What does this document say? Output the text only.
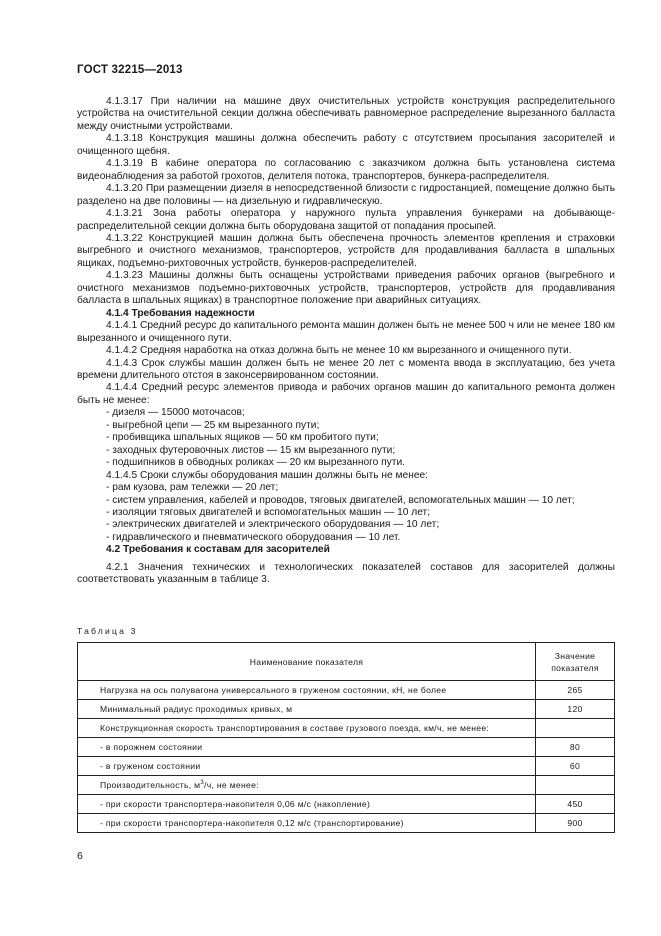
ГОСТ 32215—2013

4.1.3.17 При наличии на машине двух очистительных устройств конструкция распределительного устройства на очистительной секции должна обеспечивать равномерное распределение вырезанного балласта между очистными устройствами.

4.1.3.18 Конструкция машины должна обеспечить работу с отсутствием просыпания засорителей и очищенного щебня.

4.1.3.19 В кабине оператора по согласованию с заказчиком должна быть установлена система видеонаблюдения за работой грохотов, делителя потока, транспортеров, бункера-распределителя.

4.1.3.20 При размещении дизеля в непосредственной близости с гидростанцией, помещение должно быть разделено на две половины — на дизельную и гидравлическую.

4.1.3.21 Зона работы оператора у наружного пульта управления бункерами на добывающе-распределительной секции должна быть оборудована защитой от попадания просыпей.

4.1.3.22 Конструкцией машин должна быть обеспечена прочность элементов крепления и страховки выгребного и очистного механизмов, транспортеров, устройств для продавливания балласта в шпальных ящиках, подъемно-рихтовочных устройств, бункеров-распределителей.

4.1.3.23 Машины должны быть оснащены устройствами приведения рабочих органов (выгребного и очистного механизмов подъемно-рихтовочных устройств, транспортеров, устройств для продавливания балласта в шпальных ящиках) в транспортное положение при аварийных ситуациях.

4.1.4 Требования надежности

4.1.4.1 Средний ресурс до капитального ремонта машин должен быть не менее 500 ч или не менее 180 км вырезанного и очищенного пути.

4.1.4.2 Средняя наработка на отказ должна быть не менее 10 км вырезанного и очищенного пути.

4.1.4.3 Срок службы машин должен быть не менее 20 лет с момента ввода в эксплуатацию, без учета времени длительного отстоя в законсервированном состоянии.

4.1.4.4 Средний ресурс элементов привода и рабочих органов машин до капитального ремонта должен быть не менее:

- дизеля — 15000 моточасов;

- выгребной цепи — 25 км вырезанного пути;

- пробивщика шпальных ящиков — 50 км пробитого пути;

- заходных футеровочных листов — 15 км вырезанного пути;

- подшипников в обводных роликах — 20 км вырезанного пути.

4.1.4.5 Сроки службы оборудования машин должны быть не менее:

- рам кузова, рам тележки — 20 лет;

- систем управления, кабелей и проводов, тяговых двигателей, вспомогательных машин — 10 лет;

- изоляции тяговых двигателей и вспомогательных машин — 10 лет;

- электрических двигателей и электрического оборудования — 10 лет;

- гидравлического и пневматического оборудования — 10 лет.

4.2 Требования к составам для засорителей

4.2.1 Значения технических и технологических показателей составов для засорителей должны соответствовать указанным в таблице 3.

Таблица 3
Наименование показателя	Значение показателя
Нагрузка на ось полувагона универсального в груженом состоянии, кН, не более	265
Минимальный радиус проходимых кривых, м	120
Конструкционная скорость транспортирования в составе грузового поезда, км/ч, не менее:	
- в порожнем состоянии	80
- в груженом состоянии	60
Производительность, $м^3/ч$, не менее:	
- при скорости транспортера-накопителя 0,06 м/с (накопление)	450
- при скорости транспортера-накопителя 0,12 м/с (транспортирование)	900
6
